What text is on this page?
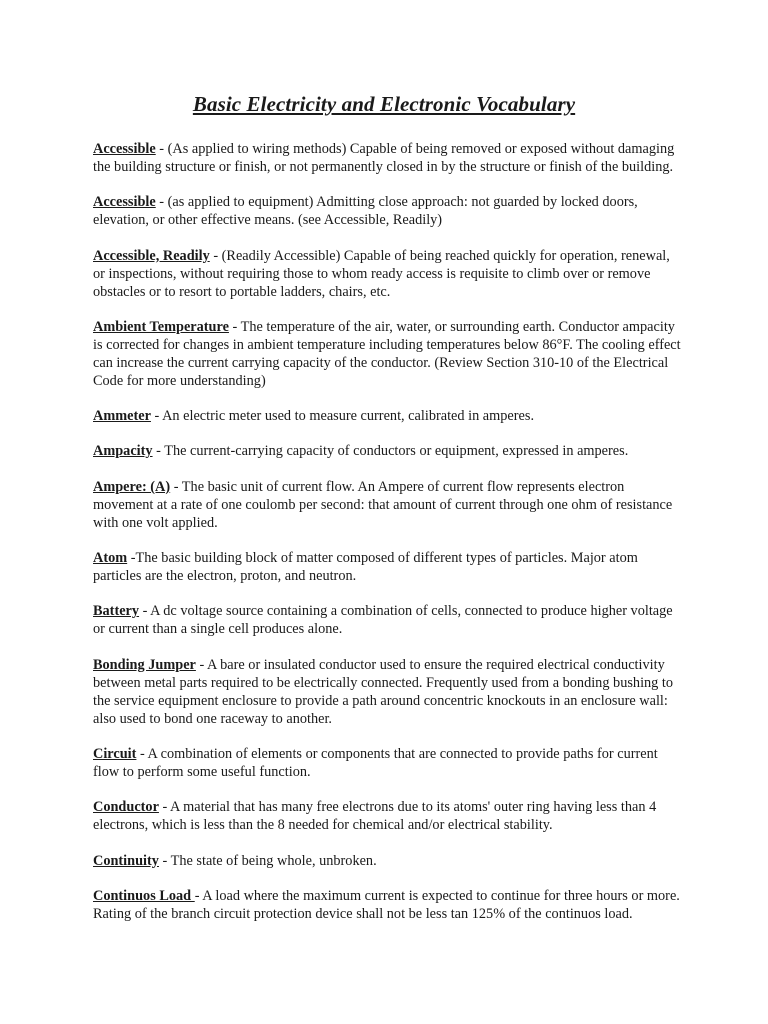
Basic Electricity and Electronic Vocabulary

Accessible - (As applied to wiring methods) Capable of being removed or exposed without damaging the building structure or finish, or not permanently closed in by the structure or finish of the building.

Accessible - (as applied to equipment) Admitting close approach: not guarded by locked doors, elevation, or other effective means. (see Accessible, Readily)

Accessible, Readily - (Readily Accessible) Capable of being reached quickly for operation, renewal, or inspections, without requiring those to whom ready access is requisite to climb over or remove obstacles or to resort to portable ladders, chairs, etc.

Ambient Temperature - The temperature of the air, water, or surrounding earth. Conductor ampacity is corrected for changes in ambient temperature including temperatures below 86°F. The cooling effect can increase the current carrying capacity of the conductor. (Review Section 310-10 of the Electrical Code for more understanding)

Ammeter - An electric meter used to measure current, calibrated in amperes.

Ampacity - The current-carrying capacity of conductors or equipment, expressed in amperes.

Ampere: (A) - The basic unit of current flow. An Ampere of current flow represents electron movement at a rate of one coulomb per second: that amount of current through one ohm of resistance with one volt applied.

Atom -The basic building block of matter composed of different types of particles. Major atom particles are the electron, proton, and neutron.

Battery - A dc voltage source containing a combination of cells, connected to produce higher voltage or current than a single cell produces alone.

Bonding Jumper - A bare or insulated conductor used to ensure the required electrical conductivity between metal parts required to be electrically connected. Frequently used from a bonding bushing to the service equipment enclosure to provide a path around concentric knockouts in an enclosure wall: also used to bond one raceway to another.

Circuit - A combination of elements or components that are connected to provide paths for current flow to perform some useful function.

Conductor - A material that has many free electrons due to its atoms' outer ring having less than 4 electrons, which is less than the 8 needed for chemical and/or electrical stability.

Continuity - The state of being whole, unbroken.

Continuos Load - A load where the maximum current is expected to continue for three hours or more. Rating of the branch circuit protection device shall not be less tan 125% of the continuos load.
